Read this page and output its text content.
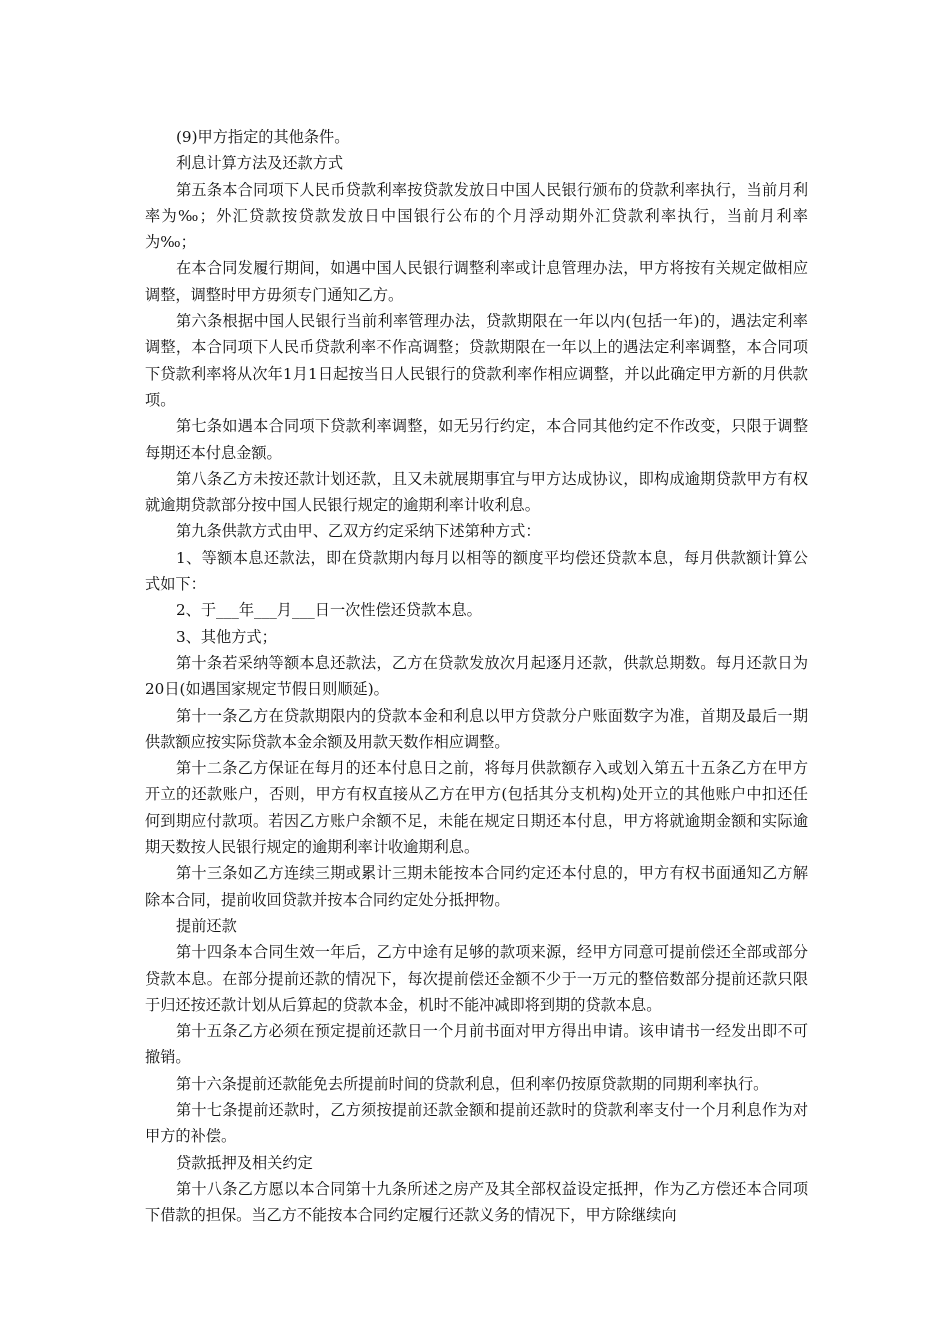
(9)甲方指定的其他条件。

利息计算方法及还款方式

第五条本合同项下人民币贷款利率按贷款发放日中国人民银行颁布的贷款利率执行，当前月利率为‰；外汇贷款按贷款发放日中国银行公布的个月浮动期外汇贷款利率执行，当前月利率为‰；

在本合同发履行期间，如遇中国人民银行调整利率或计息管理办法，甲方将按有关规定做相应调整，调整时甲方毋须专门通知乙方。

第六条根据中国人民银行当前利率管理办法，贷款期限在一年以内(包括一年)的，遇法定利率调整，本合同项下人民币贷款利率不作高调整；贷款期限在一年以上的遇法定利率调整，本合同项下贷款利率将从次年1月1日起按当日人民银行的贷款利率作相应调整，并以此确定甲方新的月供款项。

第七条如遇本合同项下贷款利率调整，如无另行约定，本合同其他约定不作改变，只限于调整每期还本付息金额。

第八条乙方未按还款计划还款，且又未就展期事宜与甲方达成协议，即构成逾期贷款甲方有权就逾期贷款部分按中国人民银行规定的逾期利率计收利息。

第九条供款方式由甲、乙双方约定采纳下述第种方式：

1、等额本息还款法，即在贷款期内每月以相等的额度平均偿还贷款本息，每月供款额计算公式如下：

2、于___年___月___日一次性偿还贷款本息。

3、其他方式；

第十条若采纳等额本息还款法，乙方在贷款发放次月起逐月还款，供款总期数。每月还款日为20日(如遇国家规定节假日则顺延)。

第十一条乙方在贷款期限内的贷款本金和利息以甲方贷款分户账面数字为准，首期及最后一期供款额应按实际贷款本金余额及用款天数作相应调整。

第十二条乙方保证在每月的还本付息日之前，将每月供款额存入或划入第五十五条乙方在甲方开立的还款账户，否则，甲方有权直接从乙方在甲方(包括其分支机构)处开立的其他账户中扣还任何到期应付款项。若因乙方账户余额不足，未能在规定日期还本付息，甲方将就逾期金额和实际逾期天数按人民银行规定的逾期利率计收逾期利息。

第十三条如乙方连续三期或累计三期未能按本合同约定还本付息的，甲方有权书面通知乙方解除本合同，提前收回贷款并按本合同约定处分抵押物。

提前还款

第十四条本合同生效一年后，乙方中途有足够的款项来源，经甲方同意可提前偿还全部或部分贷款本息。在部分提前还款的情况下，每次提前偿还金额不少于一万元的整倍数部分提前还款只限于归还按还款计划从后算起的贷款本金，机时不能冲减即将到期的贷款本息。

第十五条乙方必须在预定提前还款日一个月前书面对甲方得出申请。该申请书一经发出即不可撤销。

第十六条提前还款能免去所提前时间的贷款利息，但利率仍按原贷款期的同期利率执行。

第十七条提前还款时，乙方须按提前还款金额和提前还款时的贷款利率支付一个月利息作为对甲方的补偿。

贷款抵押及相关约定

第十八条乙方愿以本合同第十九条所述之房产及其全部权益设定抵押，作为乙方偿还本合同项下借款的担保。当乙方不能按本合同约定履行还款义务的情况下，甲方除继续向
